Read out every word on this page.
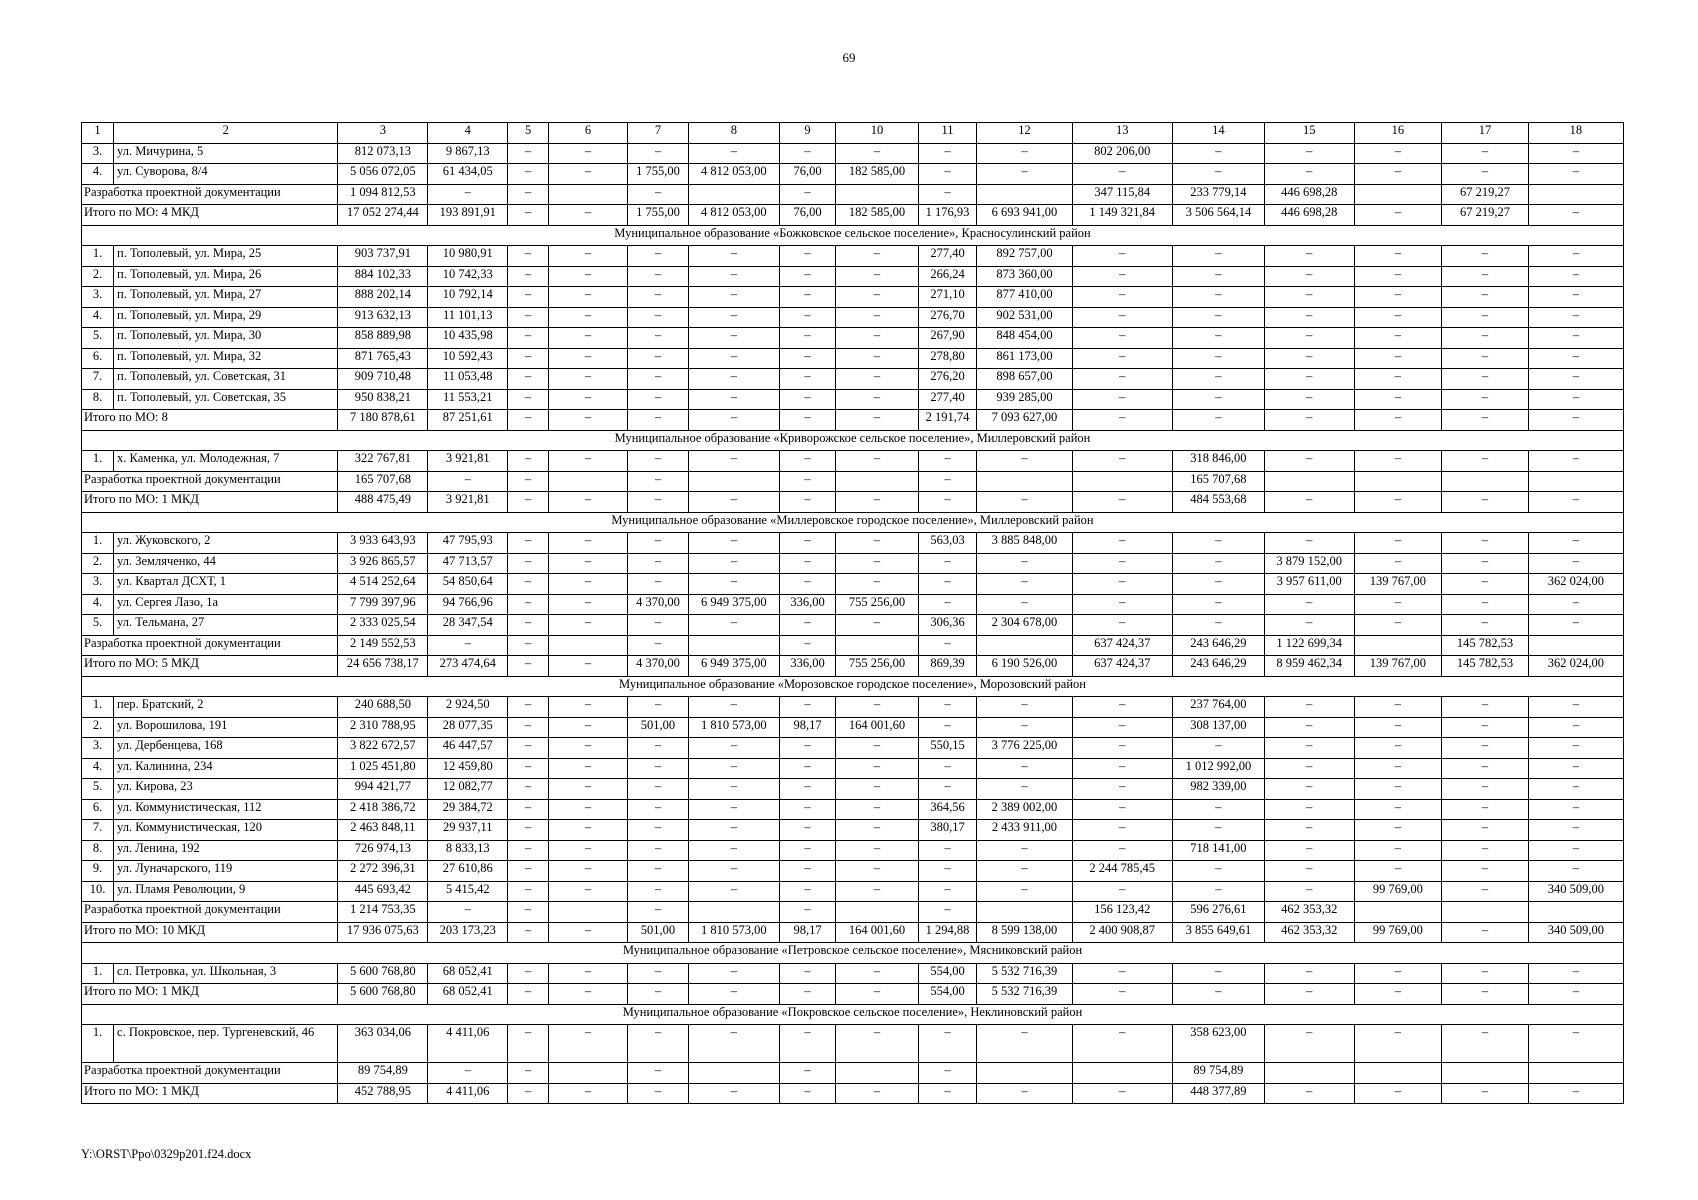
69
1	2	3	4	5	6	7	8	9	10	11	12	13	14	15	16	17	18
3.	ул. Мичурина, 5	812 073,13	9 867,13	–	–	–	–	–	–	–	–	802 206,00	–	–	–	–	–
4.	ул. Суворова, 8/4	5 056 072,05	61 434,05	–	–	1 755,00	4 812 053,00	76,00	182 585,00	–	–	–	–	–	–	–	–
Разработка проектной документации		1 094 812,53	–	–		–		–		–		347 115,84	233 779,14	446 698,28		67 219,27	
Итого по МО: 4 МКД		17 052 274,44	193 891,91	–	–	1 755,00	4 812 053,00	76,00	182 585,00	1 176,93	6 693 941,00	1 149 321,84	3 506 564,14	446 698,28	–	67 219,27	–
Муниципальное образование «Божковское сельское поселение», Красносулинский район																	
1.	п. Тополевый, ул. Мира, 25	903 737,91	10 980,91	–	–	–	–	–	–	277,40	892 757,00	–	–	–	–	–	–
2.	п. Тополевый, ул. Мира, 26	884 102,33	10 742,33	–	–	–	–	–	–	266,24	873 360,00	–	–	–	–	–	–
3.	п. Тополевый, ул. Мира, 27	888 202,14	10 792,14	–	–	–	–	–	–	271,10	877 410,00	–	–	–	–	–	–
4.	п. Тополевый, ул. Мира, 29	913 632,13	11 101,13	–	–	–	–	–	–	276,70	902 531,00	–	–	–	–	–	–
5.	п. Тополевый, ул. Мира, 30	858 889,98	10 435,98	–	–	–	–	–	–	267,90	848 454,00	–	–	–	–	–	–
6.	п. Тополевый, ул. Мира, 32	871 765,43	10 592,43	–	–	–	–	–	–	278,80	861 173,00	–	–	–	–	–	–
7.	п. Тополевый, ул. Советская, 31	909 710,48	11 053,48	–	–	–	–	–	–	276,20	898 657,00	–	–	–	–	–	–
8.	п. Тополевый, ул. Советская, 35	950 838,21	11 553,21	–	–	–	–	–	–	277,40	939 285,00	–	–	–	–	–	–
Итого по МО: 8		7 180 878,61	87 251,61	–	–	–	–	–	–	2 191,74	7 093 627,00	–	–	–	–	–	–
Муниципальное образование «Криворожское сельское поселение», Миллеровский район																	
1.	х. Каменка, ул. Молодежная, 7	322 767,81	3 921,81	–	–	–	–	–	–	–	–	–	318 846,00	–	–	–	–
Разработка проектной документации		165 707,68	–	–		–		–		–			165 707,68				
Итого по МО: 1 МКД		488 475,49	3 921,81	–	–	–	–	–	–	–	–	–	484 553,68	–	–	–	–
Муниципальное образование «Миллеровское городское поселение», Миллеровский район																	
1.	ул. Жуковского, 2	3 933 643,93	47 795,93	–	–	–	–	–	–	563,03	3 885 848,00	–	–	–	–	–	–
2.	ул. Земляченко, 44	3 926 865,57	47 713,57	–	–	–	–	–	–	–	–	–	–	3 879 152,00	–	–	–
3.	ул. Квартал ДСХТ, 1	4 514 252,64	54 850,64	–	–	–	–	–	–	–	–	–	–	3 957 611,00	139 767,00	–	362 024,00
4.	ул. Сергея Лазо, 1а	7 799 397,96	94 766,96	–	–	4 370,00	6 949 375,00	336,00	755 256,00	–	–	–	–	–	–	–	–
5.	ул. Тельмана, 27	2 333 025,54	28 347,54	–	–	–	–	–	–	306,36	2 304 678,00	–	–	–	–	–	–
Разработка проектной документации		2 149 552,53	–	–		–		–		–		637 424,37	243 646,29	1 122 699,34		145 782,53	
Итого по МО: 5 МКД		24 656 738,17	273 474,64	–	–	4 370,00	6 949 375,00	336,00	755 256,00	869,39	6 190 526,00	637 424,37	243 646,29	8 959 462,34	139 767,00	145 782,53	362 024,00
Муниципальное образование «Морозовское городское поселение», Морозовский район																	
1.	пер. Братский, 2	240 688,50	2 924,50	–	–	–	–	–	–	–	–	–	237 764,00	–	–	–	–
2.	ул. Ворошилова, 191	2 310 788,95	28 077,35	–	–	501,00	1 810 573,00	98,17	164 001,60	–	–	–	308 137,00	–	–	–	–
3.	ул. Дербенцева, 168	3 822 672,57	46 447,57	–	–	–	–	–	–	550,15	3 776 225,00	–	–	–	–	–	–
4.	ул. Калинина, 234	1 025 451,80	12 459,80	–	–	–	–	–	–	–	–	–	1 012 992,00	–	–	–	–
5.	ул. Кирова, 23	994 421,77	12 082,77	–	–	–	–	–	–	–	–	–	982 339,00	–	–	–	–
6.	ул. Коммунистическая, 112	2 418 386,72	29 384,72	–	–	–	–	–	–	364,56	2 389 002,00	–	–	–	–	–	–
7.	ул. Коммунистическая, 120	2 463 848,11	29 937,11	–	–	–	–	–	–	380,17	2 433 911,00	–	–	–	–	–	–
8.	ул. Ленина, 192	726 974,13	8 833,13	–	–	–	–	–	–	–	–	–	718 141,00	–	–	–	–
9.	ул. Луначарского, 119	2 272 396,31	27 610,86	–	–	–	–	–	–	–	–	2 244 785,45	–	–	–	–	–
10.	ул. Пламя Революции, 9	445 693,42	5 415,42	–	–	–	–	–	–	–	–	–	–	–	99 769,00	–	340 509,00
Разработка проектной документации		1 214 753,35	–	–		–		–		–		156 123,42	596 276,61	462 353,32			
Итого по МО: 10 МКД		17 936 075,63	203 173,23	–	–	501,00	1 810 573,00	98,17	164 001,60	1 294,88	8 599 138,00	2 400 908,87	3 855 649,61	462 353,32	99 769,00	–	340 509,00
Муниципальное образование «Петровское сельское поселение», Мясниковский район																	
1.	сл. Петровка, ул. Школьная, 3	5 600 768,80	68 052,41	–	–	–	–	–	–	554,00	5 532 716,39	–	–	–	–	–	–
Итого по МО: 1 МКД		5 600 768,80	68 052,41	–	–	–	–	–	–	554,00	5 532 716,39	–	–	–	–	–	–
Муниципальное образование «Покровское сельское поселение», Неклиновский район																	
1.	с. Покровское, пер. Тургеневский, 46	363 034,06	4 411,06	–	–	–	–	–	–	–	–	–	358 623,00	–	–	–	–
Разработка проектной документации		89 754,89	–	–		–		–		–			89 754,89				
Итого по МО: 1 МКД		452 788,95	4 411,06	–	–	–	–	–	–	–	–	–	448 377,89	–	–	–	–
Y:\ORST\Ppo\0329p201.f24.docx
